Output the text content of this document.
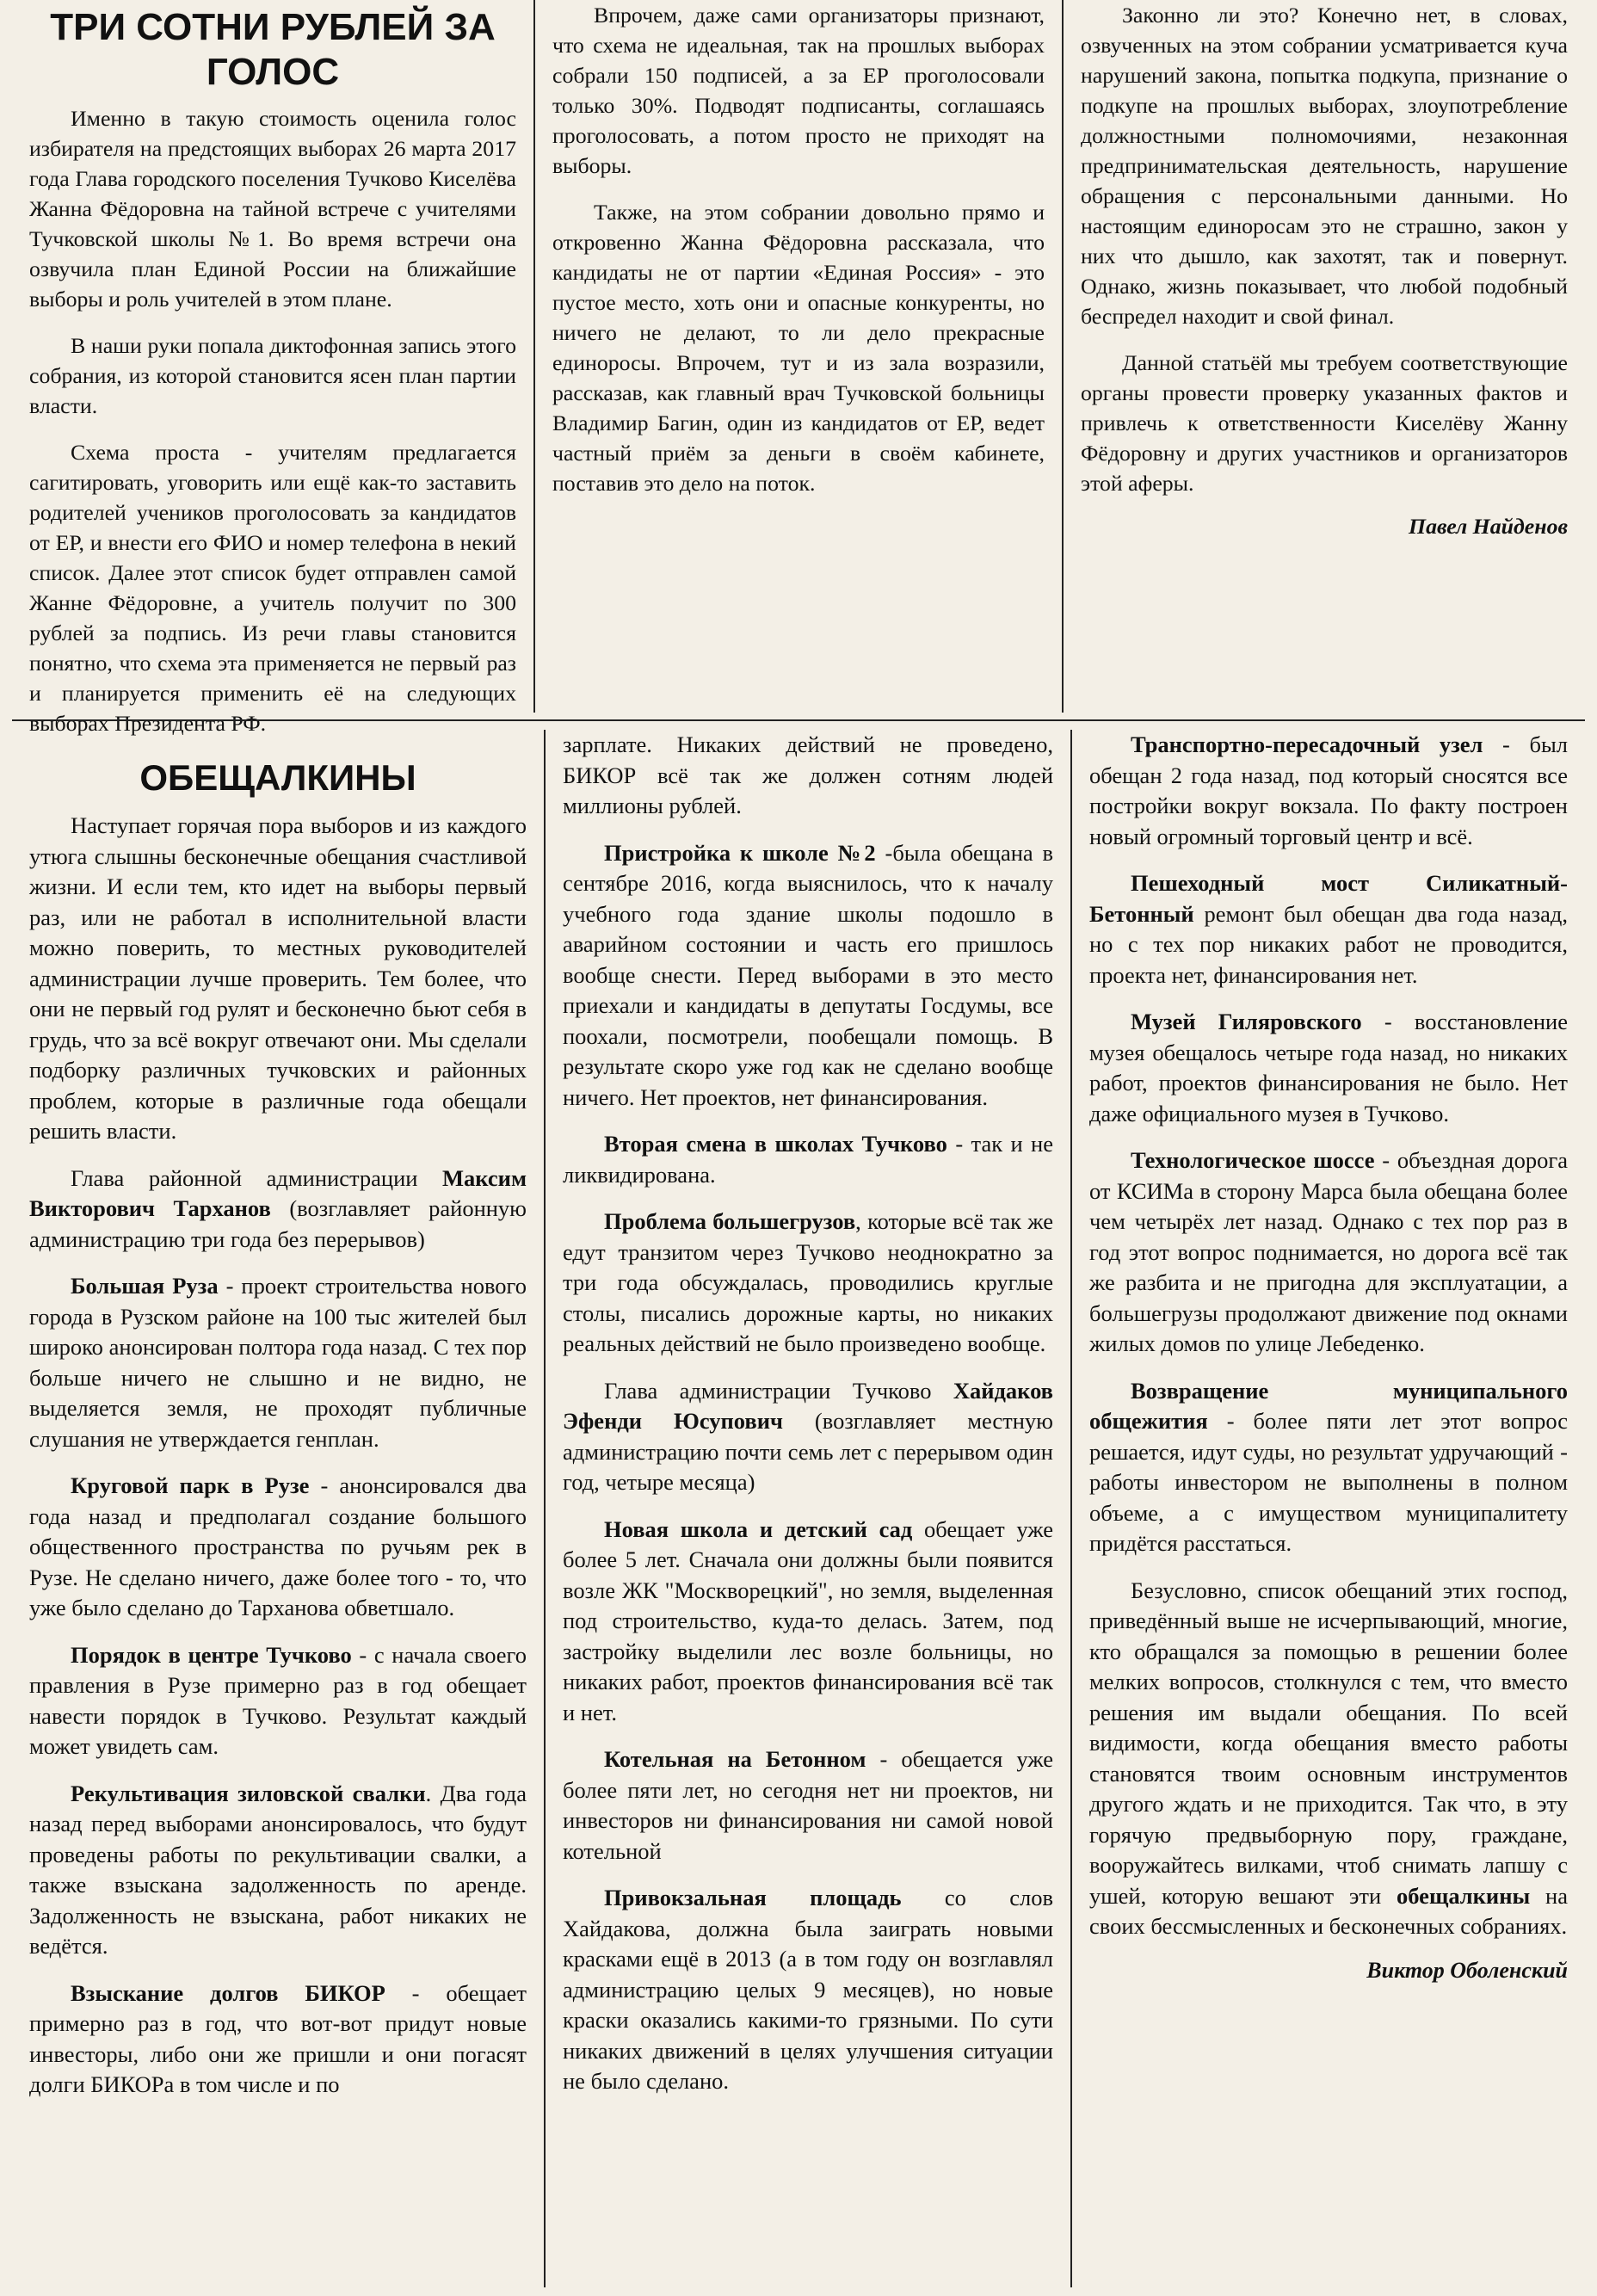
ТРИ СОТНИ РУБЛЕЙ ЗА ГОЛОС

Именно в такую стоимость оценила голос избирателя на предстоящих выборах 26 марта 2017 года Глава городского поселения Тучково Киселёва Жанна Фёдоровна на тайной встрече с учителями Тучковской школы №1. Во время встречи она озвучила план Единой России на ближайшие выборы и роль учителей в этом плане.

В наши руки попала диктофонная запись этого собрания, из которой становится ясен план партии власти.

Схема проста - учителям предлагается сагитировать, уговорить или ещё как-то заставить родителей учеников проголосовать за кандидатов от ЕР, и внести его ФИО и номер телефона в некий список. Далее этот список будет отправлен самой Жанне Фёдоровне, а учитель получит по 300 рублей за подпись. Из речи главы становится понятно, что схема эта применяется не первый раз и планируется применить её на следующих выборах Президента РФ.

Впрочем, даже сами организаторы признают, что схема не идеальная, так на прошлых выборах собрали 150 подписей, а за ЕР проголосовали только 30%. Подводят подписанты, соглашаясь проголосовать, а потом просто не приходят на выборы.

Также, на этом собрании довольно прямо и откровенно Жанна Фёдоровна рассказала, что кандидаты не от партии «Единая Россия» - это пустое место, хоть они и опасные конкуренты, но ничего не делают, то ли дело прекрасные единоросы. Впрочем, тут и из зала возразили, рассказав, как главный врач Тучковской больницы Владимир Багин, один из кандидатов от ЕР, ведет частный приём за деньги в своём кабинете, поставив это дело на поток.

Законно ли это? Конечно нет, в словах, озвученных на этом собрании усматривается куча нарушений закона, попытка подкупа, признание о подкупе на прошлых выборах, злоупотребление должностными полномочиями, незаконная предпринимательская деятельность, нарушение обращения с персональными данными. Но настоящим единоросам это не страшно, закон у них что дышло, как захотят, так и повернут. Однако, жизнь показывает, что любой подобный беспредел находит и свой финал.

Данной статьёй мы требуем соответствующие органы провести проверку указанных фактов и привлечь к ответственности Киселёву Жанну Фёдоровну и других участников и организаторов этой аферы.

Павел Найденов

ОБЕЩАЛКИНЫ

Наступает горячая пора выборов и из каждого утюга слышны бесконечные обещания счастливой жизни. И если тем, кто идет на выборы первый раз, или не работал в исполнительной власти можно поверить, то местных руководителей администрации лучше проверить. Тем более, что они не первый год рулят и бесконечно бьют себя в грудь, что за всё вокруг отвечают они. Мы сделали подборку различных тучковских и районных проблем, которые в различные года обещали решить власти.

Глава районной администрации Максим Викторович Тарханов (возглавляет районную администрацию три года без перерывов)

Большая Руза - проект строительства нового города в Рузском районе на 100 тыс жителей был широко анонсирован полтора года назад. С тех пор больше ничего не слышно и не видно, не выделяется земля, не проходят публичные слушания не утверждается генплан.

Круговой парк в Рузе - анонсировался два года назад и предполагал создание большого общественного пространства по ручьям рек в Рузе. Не сделано ничего, даже более того - то, что уже было сделано до Тарханова обветшало.

Порядок в центре Тучково - с начала своего правления в Рузе примерно раз в год обещает навести порядок в Тучково. Результат каждый может увидеть сам.

Рекультивация зиловской свалки. Два года назад перед выборами анонсировалось, что будут проведены работы по рекультивации свалки, а также взыскана задолженность по аренде. Задолженность не взыскана, работ никаких не ведётся.

Взыскание долгов БИКОР - обещает примерно раз в год, что вот-вот придут новые инвесторы, либо они же пришли и они погасят долги БИКОРа в том числе и по

зарплате. Никаких действий не проведено, БИКОР всё так же должен сотням людей миллионы рублей.

Пристройка к школе №2 -была обещана в сентябре 2016, когда выяснилось, что к началу учебного года здание школы подошло в аварийном состоянии и часть его пришлось вообще снести. Перед выборами в это место приехали и кандидаты в депутаты Госдумы, все поохали, посмотрели, пообещали помощь. В результате скоро уже год как не сделано вообще ничего. Нет проектов, нет финансирования.

Вторая смена в школах Тучково - так и не ликвидирована.

Проблема большегрузов, которые всё так же едут транзитом через Тучково неоднократно за три года обсуждалась, проводились круглые столы, писались дорожные карты, но никаких реальных действий не было произведено вообще.

Глава администрации Тучково Хайдаков Эфенди Юсупович (возглавляет местную администрацию почти семь лет с перерывом один год, четыре месяца)

Новая школа и детский сад обещает уже более 5 лет. Сначала они должны были появится возле ЖК "Москворецкий", но земля, выделенная под строительство, куда-то делась. Затем, под застройку выделили лес возле больницы, но никаких работ, проектов финансирования всё так и нет.

Котельная на Бетонном - обещается уже более пяти лет, но сегодня нет ни проектов, ни инвесторов ни финансирования ни самой новой котельной

Привокзальная площадь со слов Хайдакова, должна была заиграть новыми красками ещё в 2013 (а в том году он возглавлял администрацию целых 9 месяцев), но новые краски оказались какими-то грязными. По сути никаких движений в целях улучшения ситуации не было сделано.

Транспортно-пересадочный узел - был обещан 2 года назад, под который сносятся все постройки вокруг вокзала. По факту построен новый огромный торговый центр и всё.

Пешеходный мост Силикатный-Бетонный ремонт был обещан два года назад, но с тех пор никаких работ не проводится, проекта нет, финансирования нет.

Музей Гиляровского - восстановление музея обещалось четыре года назад, но никаких работ, проектов финансирования не было. Нет даже официального музея в Тучково.

Технологическое шоссе - объездная дорога от КСИМа в сторону Марса была обещана более чем четырёх лет назад. Однако с тех пор раз в год этот вопрос поднимается, но дорога всё так же разбита и не пригодна для эксплуатации, а большегрузы продолжают движение под окнами жилых домов по улице Лебеденко.

Возвращение муниципального общежития - более пяти лет этот вопрос решается, идут суды, но результат удручающий - работы инвестором не выполнены в полном объеме, а с имуществом муниципалитету придётся расстаться.

Безусловно, список обещаний этих господ, приведённый выше не исчерпывающий, многие, кто обращался за помощью в решении более мелких вопросов, столкнулся с тем, что вместо решения им выдали обещания. По всей видимости, когда обещания вместо работы становятся твоим основным инструментов другого ждать и не приходится. Так что, в эту горячую предвыборную пору, граждане, вооружайтесь вилками, чтоб снимать лапшу с ушей, которую вешают эти обещалкины на своих бессмысленных и бесконечных собраниях.

Виктор Оболенский
